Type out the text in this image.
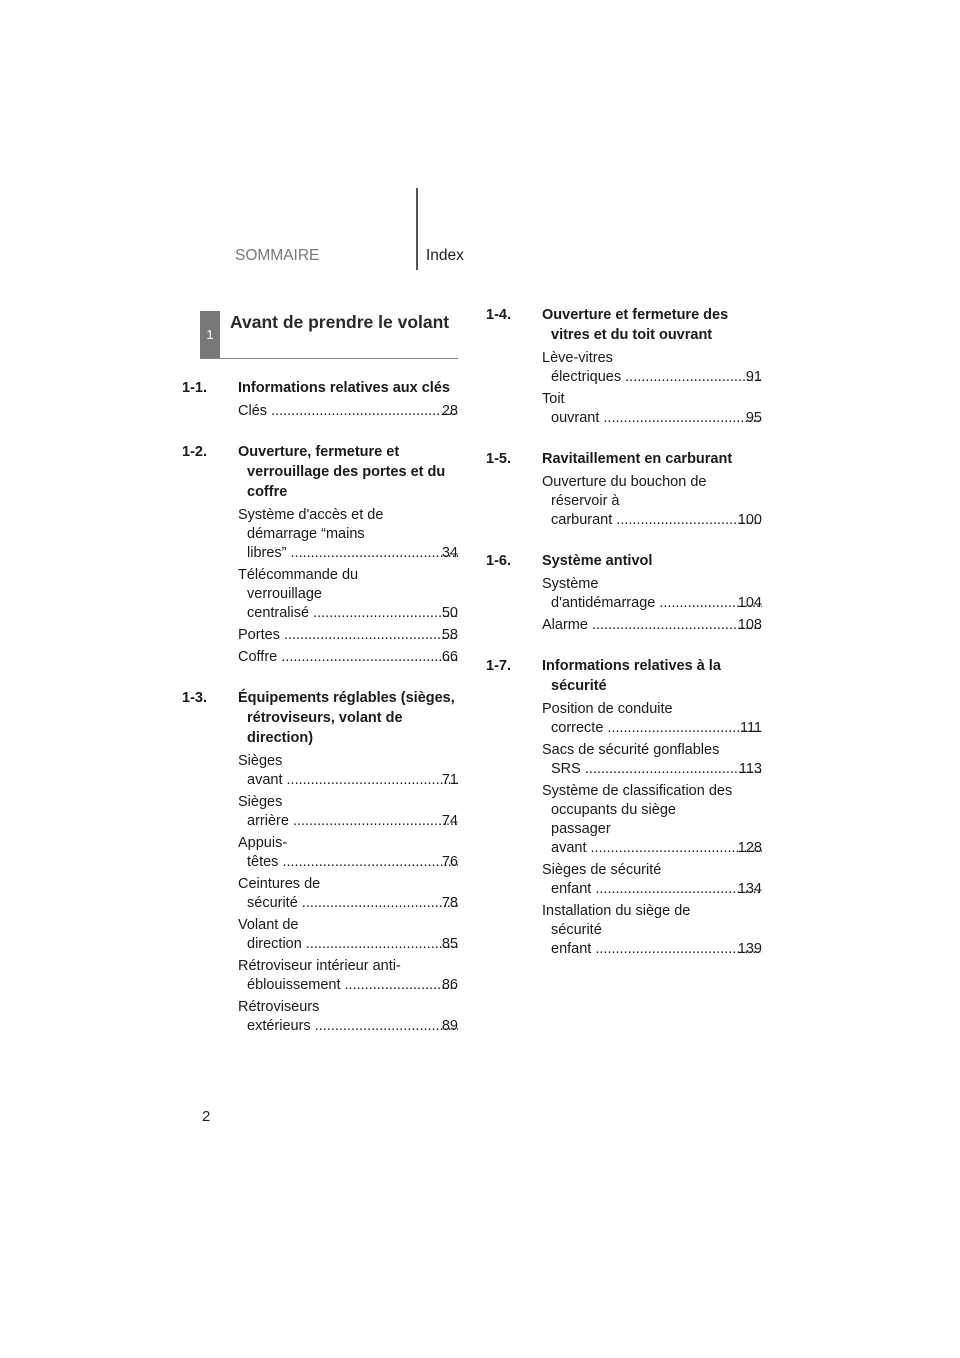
SOMMAIRE	Index
1
Avant de prendre le volant
1-1.	Informations relatives aux clés
Clés .....	28
1-2.	Ouverture, fermeture et verrouillage des portes et du coffre
Système d'accès et de démarrage “mains libres” .....	34
Télécommande du verrouillage centralisé .....	50
Portes .....	58
Coffre .....	66
1-3.	Équipements réglables (sièges, rétroviseurs, volant de direction)
Sièges avant .....	71
Sièges arrière .....	74
Appuis-têtes .....	76
Ceintures de sécurité .....	78
Volant de direction .....	85
Rétroviseur intérieur anti-éblouissement .....	86
Rétroviseurs extérieurs .....	89
1-4.	Ouverture et fermeture des vitres et du toit ouvrant
Lève-vitres électriques .....	91
Toit ouvrant .....	95
1-5.	Ravitaillement en carburant
Ouverture du bouchon de réservoir à carburant .....	100
1-6.	Système antivol
Système d'antidémarrage .....	104
Alarme .....	108
1-7.	Informations relatives à la sécurité
Position de conduite correcte .....	111
Sacs de sécurité gonflables SRS .....	113
Système de classification des occupants du siège passager avant .....	128
Sièges de sécurité enfant .....	134
Installation du siège de sécurité enfant .....	139
2
